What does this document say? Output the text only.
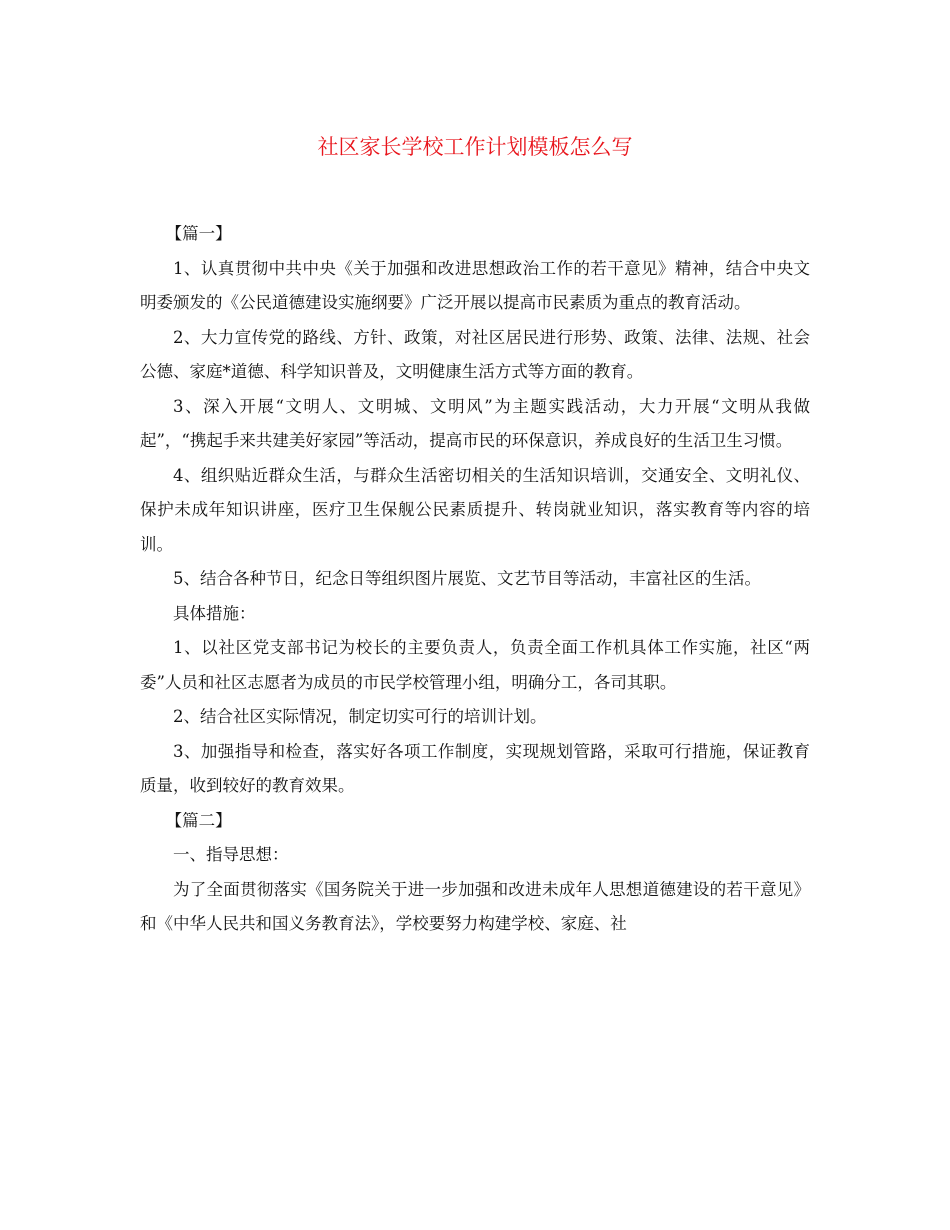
社区家长学校工作计划模板怎么写

【篇一】

1、认真贯彻中共中央《关于加强和改进思想政治工作的若干意见》精神，结合中央文明委颁发的《公民道德建设实施纲要》广泛开展以提高市民素质为重点的教育活动。

2、大力宣传党的路线、方针、政策，对社区居民进行形势、政策、法律、法规、社会公德、家庭*道德、科学知识普及，文明健康生活方式等方面的教育。

3、深入开展“文明人、文明城、文明风”为主题实践活动，大力开展“文明从我做起”，“携起手来共建美好家园”等活动，提高市民的环保意识，养成良好的生活卫生习惯。

4、组织贴近群众生活，与群众生活密切相关的生活知识培训，交通安全、文明礼仪、保护未成年知识讲座，医疗卫生保舰公民素质提升、转岗就业知识，落实教育等内容的培训。

5、结合各种节日，纪念日等组织图片展览、文艺节目等活动，丰富社区的生活。

具体措施：

1、以社区党支部书记为校长的主要负责人，负责全面工作机具体工作实施，社区“两委”人员和社区志愿者为成员的市民学校管理小组，明确分工，各司其职。

2、结合社区实际情况，制定切实可行的培训计划。

3、加强指导和检查，落实好各项工作制度，实现规划管路，采取可行措施，保证教育质量，收到较好的教育效果。

【篇二】

一、指导思想：

为了全面贯彻落实《国务院关于进一步加强和改进未成年人思想道德建设的若干意见》和《中华人民共和国义务教育法》，学校要努力构建学校、家庭、社
